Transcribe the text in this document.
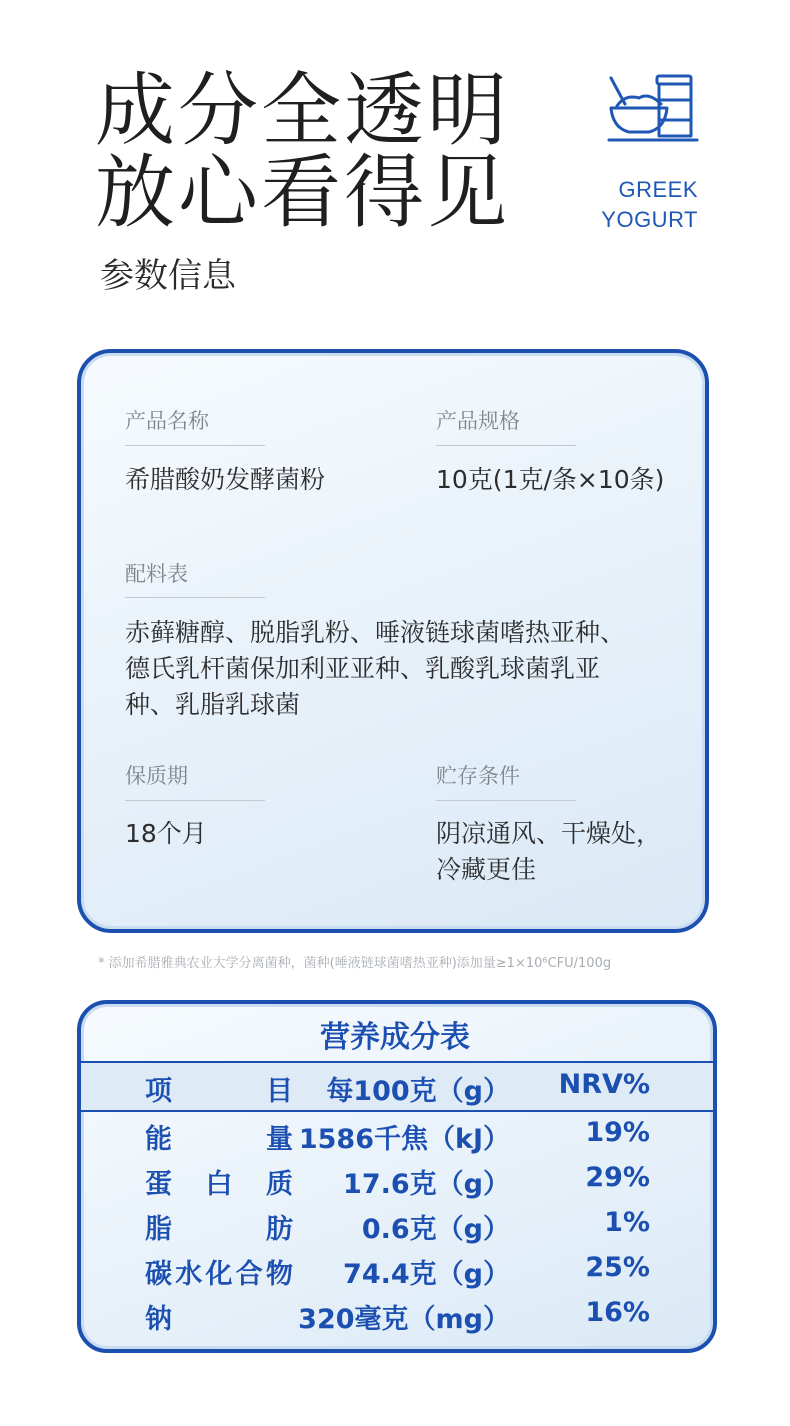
成分全透明
放心看得见
参数信息
GREEK
YOGURT
产品名称
希腊酸奶发酵菌粉
产品规格
10克(1克/条×10条)
配料表
赤藓糖醇、脱脂乳粉、唾液链球菌嗜热亚种、
德氏乳杆菌保加利亚亚种、乳酸乳球菌乳亚
种、乳脂乳球菌
保质期
18个月
贮存条件
阴凉通风、干燥处，
冷藏更佳
* 添加希腊雅典农业大学分离菌种，菌种(唾液链球菌嗜热亚种)添加量≥1×10⁶CFU/100g
营养成分表
项目 每100克（g） NRV%
能量 1586千焦（kJ）	19%
蛋白质 17.6克（g）	29%
脂肪	0.6克（g）	1%
碳水化合物 74.4克（g）	25%
钠	320毫克（mg）	16%
